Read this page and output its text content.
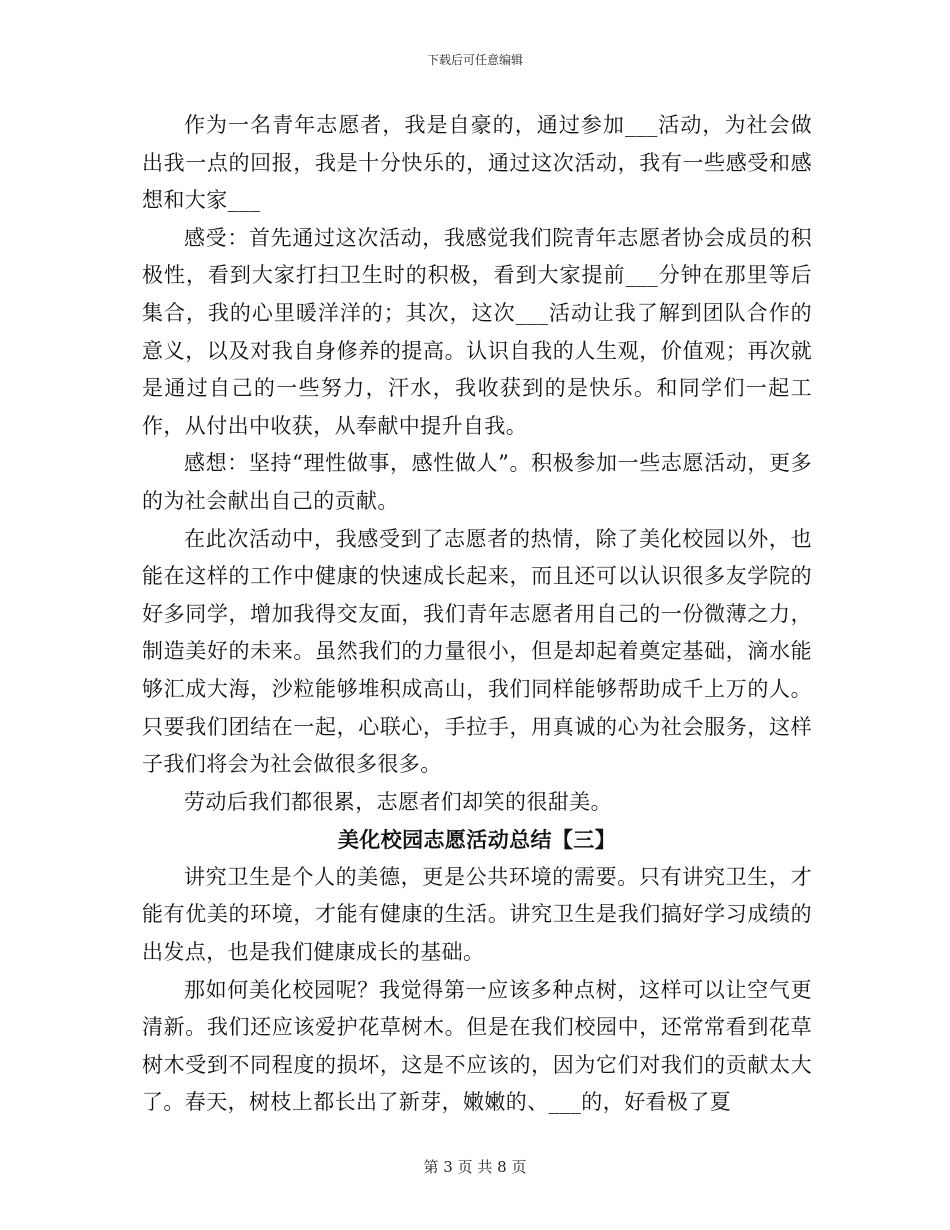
下载后可任意编辑

作为一名青年志愿者，我是自豪的，通过参加___活动，为社会做出我一点的回报，我是十分快乐的，通过这次活动，我有一些感受和感想和大家___

感受：首先通过这次活动，我感觉我们院青年志愿者协会成员的积极性，看到大家打扫卫生时的积极，看到大家提前___分钟在那里等后集合，我的心里暖洋洋的；其次，这次___活动让我了解到团队合作的意义，以及对我自身修养的提高。认识自我的人生观，价值观；再次就是通过自己的一些努力，汗水，我收获到的是快乐。和同学们一起工作，从付出中收获，从奉献中提升自我。

感想：坚持“理性做事，感性做人”。积极参加一些志愿活动，更多的为社会献出自己的贡献。

在此次活动中，我感受到了志愿者的热情，除了美化校园以外，也能在这样的工作中健康的快速成长起来，而且还可以认识很多友学院的好多同学，增加我得交友面，我们青年志愿者用自己的一份微薄之力，制造美好的未来。虽然我们的力量很小，但是却起着奠定基础，滴水能够汇成大海，沙粒能够堆积成高山，我们同样能够帮助成千上万的人。只要我们团结在一起，心联心，手拉手，用真诚的心为社会服务，这样子我们将会为社会做很多很多。

劳动后我们都很累，志愿者们却笑的很甜美。

美化校园志愿活动总结【三】

讲究卫生是个人的美德，更是公共环境的需要。只有讲究卫生，才能有优美的环境，才能有健康的生活。讲究卫生是我们搞好学习成绩的出发点，也是我们健康成长的基础。

那如何美化校园呢？我觉得第一应该多种点树，这样可以让空气更清新。我们还应该爱护花草树木。但是在我们校园中，还常常看到花草树木受到不同程度的损坏，这是不应该的，因为它们对我们的贡献太大了。春天，树枝上都长出了新芽，嫩嫩的、___的，好看极了夏

第 3 页 共 8 页
